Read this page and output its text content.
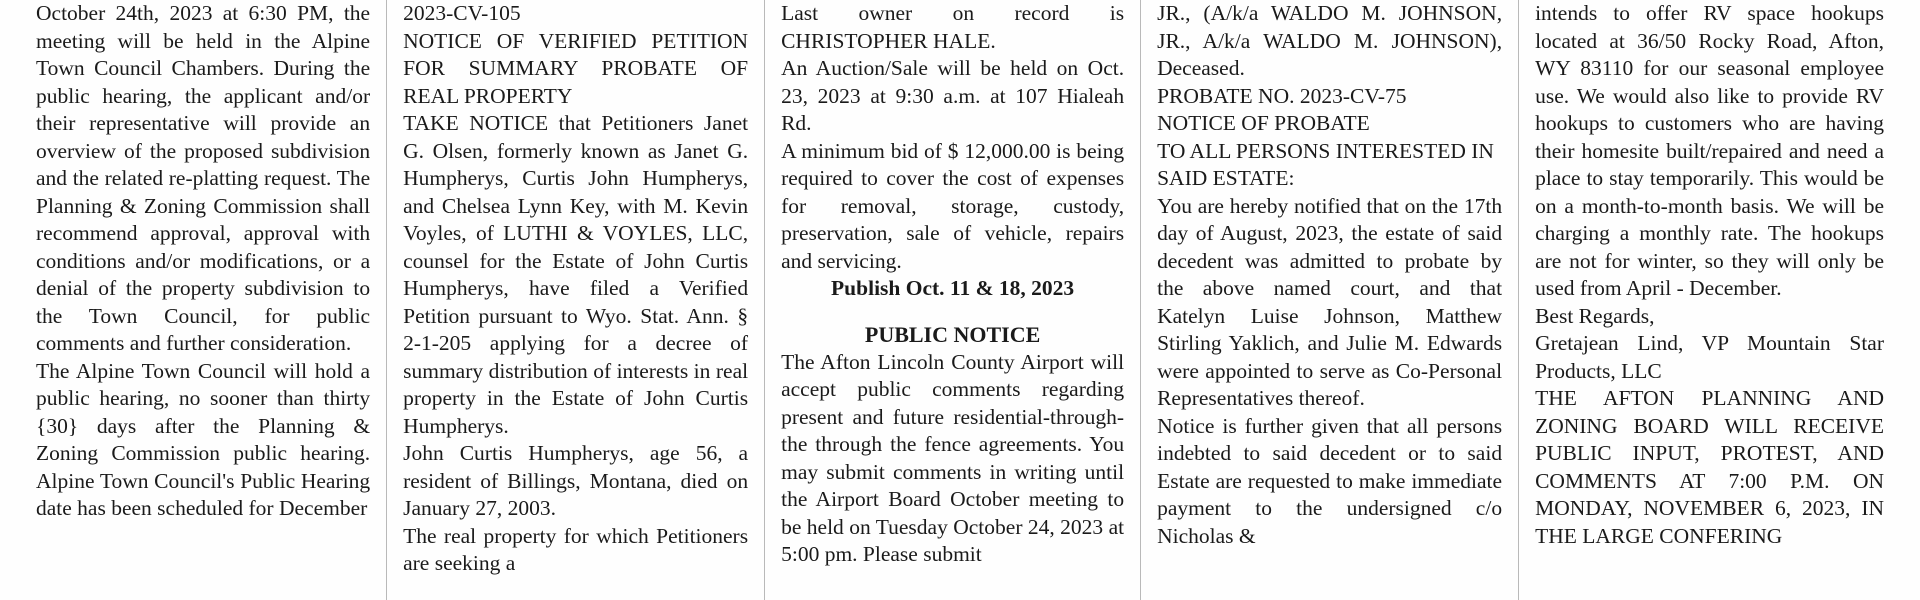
October 24th, 2023 at 6:30 PM, the meeting will be held in the Alpine Town Council Chambers. During the public hearing, the applicant and/or their representative will provide an overview of the proposed subdivision and the related re-platting request. The Planning & Zoning Commission shall recommend approval, approval with conditions and/or modifications, or a denial of the property subdivision to the Town Council, for public comments and further consideration.

The Alpine Town Council will hold a public hearing, no sooner than thirty {30} days after the Planning & Zoning Commission public hearing. Alpine Town Council's Public Hearing date has been scheduled for December

2023-CV-105

NOTICE OF VERIFIED PETITION FOR SUMMARY PROBATE OF REAL PROPERTY

TAKE NOTICE that Petitioners Janet G. Olsen, formerly known as Janet G. Humpherys, Curtis John Humpherys, and Chelsea Lynn Key, with M. Kevin Voyles, of LUTHI & VOYLES, LLC, counsel for the Estate of John Curtis Humpherys, have filed a Verified Petition pursuant to Wyo. Stat. Ann. § 2-1-205 applying for a decree of summary distribution of interests in real property in the Estate of John Curtis Humpherys.

John Curtis Humpherys, age 56, a resident of Billings, Montana, died on January 27, 2003.

The real property for which Petitioners are seeking a

Last owner on record is CHRISTOPHER HALE.

An Auction/Sale will be held on Oct. 23, 2023 at 9:30 a.m. at 107 Hialeah Rd.

A minimum bid of $ 12,000.00 is being required to cover the cost of expenses for removal, storage, custody, preservation, sale of vehicle, repairs and servicing.

Publish Oct. 11 & 18, 2023

PUBLIC NOTICE

The Afton Lincoln County Airport will accept public comments regarding present and future residential-through-the through the fence agreements. You may submit comments in writing until the Airport Board October meeting to be held on Tuesday October 24, 2023 at 5:00 pm. Please submit

JR., (A/k/a WALDO M. JOHNSON, JR., A/k/a WALDO M. JOHNSON), Deceased.

PROBATE NO. 2023-CV-75

NOTICE OF PROBATE

TO ALL PERSONS INTERESTED IN SAID ESTATE:

You are hereby notified that on the 17th day of August, 2023, the estate of said decedent was admitted to probate by the above named court, and that Katelyn Luise Johnson, Matthew Stirling Yaklich, and Julie M. Edwards were appointed to serve as Co-Personal Representatives thereof.

Notice is further given that all persons indebted to said decedent or to said Estate are requested to make immediate payment to the undersigned c/o Nicholas &

intends to offer RV space hookups located at 36/50 Rocky Road, Afton, WY 83110 for our seasonal employee use. We would also like to provide RV hookups to customers who are having their homesite built/repaired and need a place to stay temporarily. This would be on a month-to-month basis. We will be charging a monthly rate. The hookups are not for winter, so they will only be used from April - December.

Best Regards,

Gretajean Lind, VP Mountain Star Products, LLC

THE AFTON PLANNING AND ZONING BOARD WILL RECEIVE PUBLIC INPUT, PROTEST, AND COMMENTS AT 7:00 P.M. ON MONDAY, NOVEMBER 6, 2023, IN THE LARGE CONFERING
